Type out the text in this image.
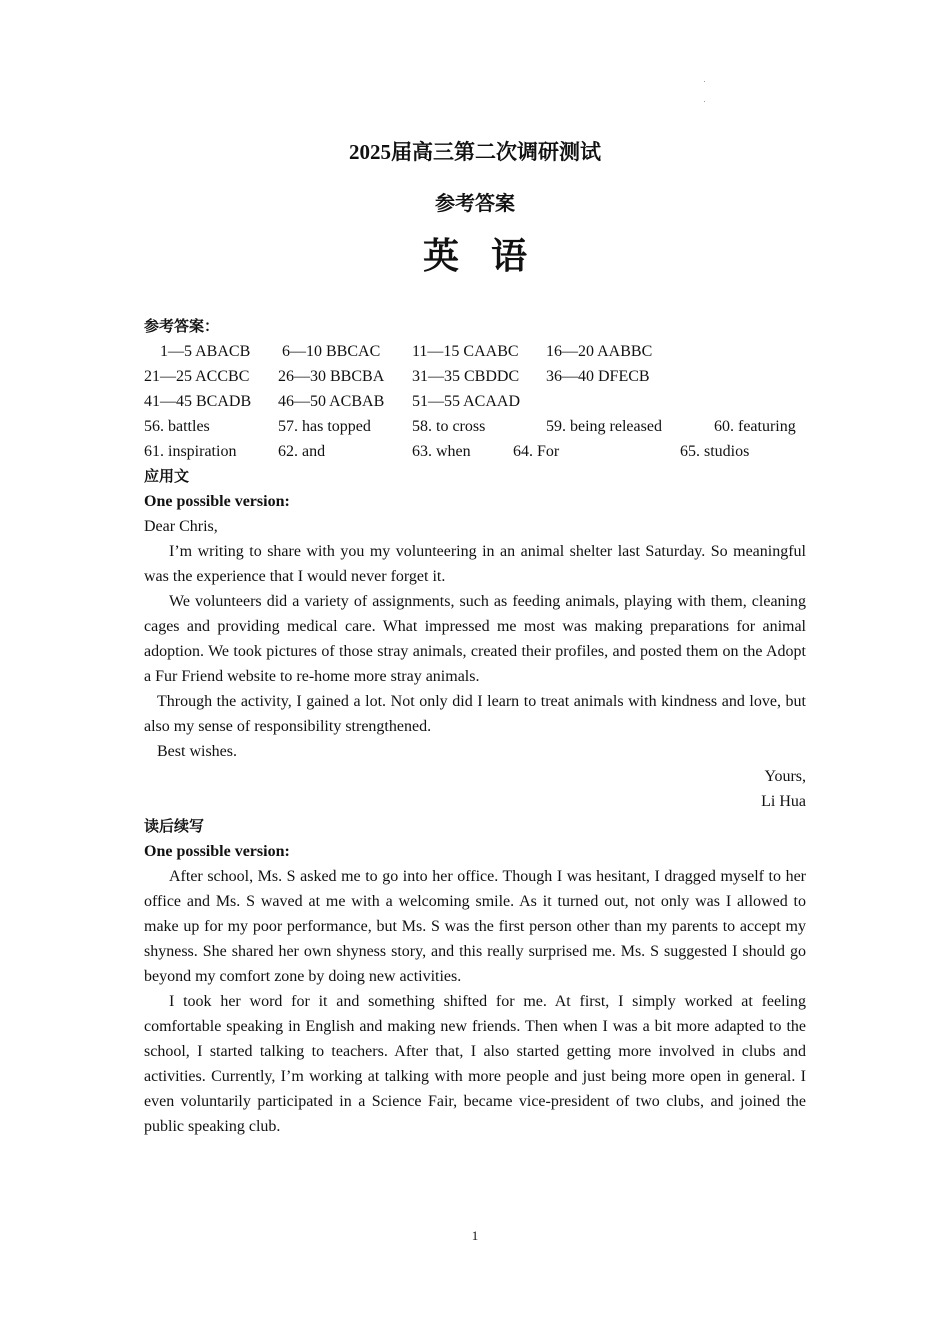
2025届高三第二次调研测试
参考答案
英语
参考答案：
1—5 ABACB 6—10 BBCAC 11—15 CAABC 16—20 AABBC
21—25 ACCBC 26—30 BBCBA 31—35 CBDDC 36—40 DFECB
41—45 BCADB 46—50 ACBAB 51—55 ACAAD
56. battles	57. has topped	58. to cross	59. being released	60. featuring
61. inspiration	62. and	63. when	64. For	65. studios
应用文
One possible version:

Dear Chris,

I’m writing to share with you my volunteering in an animal shelter last Saturday. So meaningful was the experience that I would never forget it.

We volunteers did a variety of assignments, such as feeding animals, playing with them, cleaning cages and providing medical care. What impressed me most was making preparations for animal adoption. We took pictures of those stray animals, created their profiles, and posted them on the Adopt a Fur Friend website to re-home more stray animals.

Through the activity, I gained a lot. Not only did I learn to treat animals with kindness and love, but also my sense of responsibility strengthened.

Best wishes.

Yours,

Li Hua

读后续写
One possible version:

After school, Ms. S asked me to go into her office. Though I was hesitant, I dragged myself to her office and Ms. S waved at me with a welcoming smile. As it turned out, not only was I allowed to make up for my poor performance, but Ms. S was the first person other than my parents to accept my shyness. She shared her own shyness story, and this really surprised me. Ms. S suggested I should go beyond my comfort zone by doing new activities.

I took her word for it and something shifted for me. At first, I simply worked at feeling comfortable speaking in English and making new friends. Then when I was a bit more adapted to the school, I started talking to teachers. After that, I also started getting more involved in clubs and activities. Currently, I’m working at talking with more people and just being more open in general. I even voluntarily participated in a Science Fair, became vice-president of two clubs, and joined the public speaking club.

1
